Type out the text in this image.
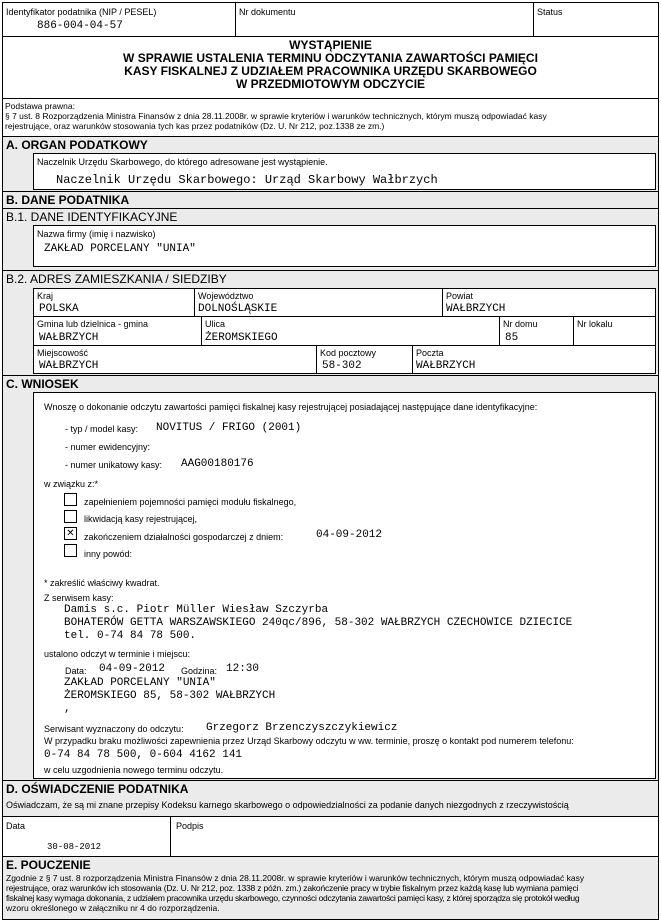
Identyfikator podatnika (NIP / PESEL)
886-004-04-57
Nr dokumentu	Status
WYSTĄPIENIE
W SPRAWIE USTALENIA TERMINU ODCZYTANIA ZAWARTOŚCI PAMIĘCI
KASY FISKALNEJ Z UDZIAŁEM PRACOWNIKA URZĘDU SKARBOWEGO
W PRZEDMIOTOWYM ODCZYCIE
Podstawa prawna:
§ 7 ust. 8 Rozporządzenia Ministra Finansów z dnia 28.11.2008r. w sprawie kryteriów i warunków technicznych, którym muszą odpowiadać kasy
rejestrujące, oraz warunków stosowania tych kas przez podatników (Dz. U. Nr 212, poz.1338 ze zm.)
A. ORGAN PODATKOWY
Naczelnik Urzędu Skarbowego, do którego adresowane jest wystąpienie.
Naczelnik Urzędu Skarbowego: Urząd Skarbowy Wałbrzych
B. DANE PODATNIKA
B.1. DANE IDENTYFIKACYJNE
Nazwa firmy (imię i nazwisko)
ZAKŁAD PORCELANY "UNIA"
B.2. ADRES ZAMIESZKANIA / SIEDZIBY
Kraj
POLSKA
Województwo
DOLNOŚLĄSKIE
Powiat
WAŁBRZYCH
Gmina lub dzielnica - gmina
WAŁBRZYCH
Ulica
ŻEROMSKIEGO
Nr domu
85
Nr lokalu
Miejscowość
WAŁBRZYCH
Kod pocztowy
58-302
Poczta
WAŁBRZYCH
C. WNIOSEK
Wnoszę o dokonanie odczytu zawartości pamięci fiskalnej kasy rejestrującej posiadającej następujące dane identyfikacyjne:
- typ / model kasy: NOVITUS / FRIGO (2001)
- numer ewidencyjny:
- numer unikatowy kasy: AAG00180176
w związku z:*
zapełnieniem pojemności pamięci modułu fiskalnego,
likwidacją kasy rejestrującej,
✕ zakończeniem działalności gospodarczej z dniem:	04-09-2012
inny powód:
* zakreślić właściwy kwadrat.
Z serwisem kasy:
Damis s.c. Piotr Müller Wiesław Szczyrba
BOHATERÓW GETTA WARSZAWSKIEGO 240qc/896, 58-302 WAŁBRZYCH CZECHOWICE DZIECICE
tel. 0-74 84 78 500.
ustalono odczyt w terminie i miejscu:
Data: 04-09-2012 Godzina: 12:30
ZAKŁAD PORCELANY "UNIA"
ŻEROMSKIEGO 85, 58-302 WAŁBRZYCH
,
Serwisant wyznaczony do odczytu: Grzegorz Brzenczyszczykiewicz
W przypadku braku możliwości zapewnienia przez Urząd Skarbowy odczytu w ww. terminie, proszę o kontakt pod numerem telefonu:
0-74 84 78 500, 0-604 4162 141
w celu uzgodnienia nowego terminu odczytu.
D. OŚWIADCZENIE PODATNIKA
Oświadczam, że są mi znane przepisy Kodeksu karnego skarbowego o odpowiedzialności za podanie danych niezgodnych z rzeczywistością
Data
30-08-2012
Podpis
E. POUCZENIE
Zgodnie z § 7 ust. 8 rozporządzenia Ministra Finansów z dnia 28.11.2008r. w sprawie kryteriów i warunków technicznych, którym muszą odpowiadać kasy
rejestrujące, oraz warunków ich stosowania (Dz. U. Nr 212, poz. 1338 z późn. zm.) zakończenie pracy w trybie fiskalnym przez każdą kasę lub wymiana pamięci
fiskalnej kasy wymaga dokonania, z udziałem pracownika urzędu skarbowego, czynności odczytania zawartości pamięci kasy, z której sporządza się protokół według
wzoru określonego w załączniku nr 4 do rozporządzenia.
